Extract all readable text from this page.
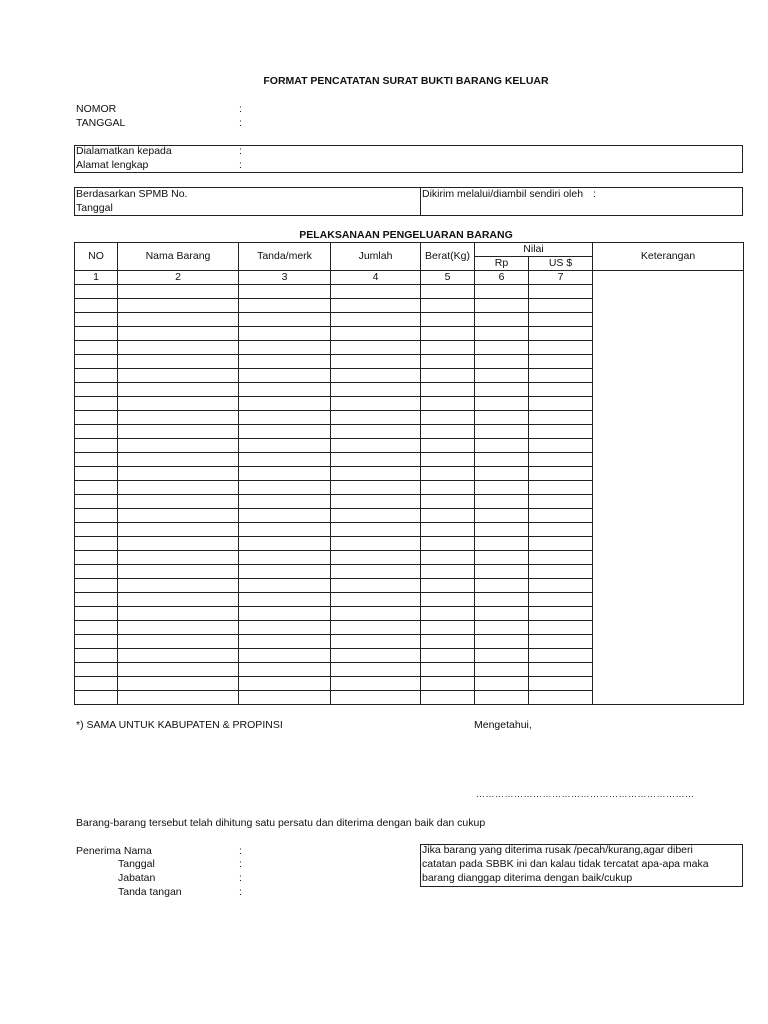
FORMAT PENCATATAN SURAT BUKTI BARANG KELUAR
NOMOR	:
TANGGAL	:
Dialamatkan kepada	:
Alamat lengkap	:
Berdasarkan SPMB No.
Tanggal
Dikirim melalui/diambil sendiri oleh :
PELAKSANAAN PENGELUARAN BARANG
NO	Nama Barang	Tanda/merk	Jumlah	Berat(Kg)	Nilai		Keterangan
					Rp	US $	
1	2	3	4	5	6	7	

*) SAMA UNTUK KABUPATEN & PROPINSI	Mengetahui,
……………………………………………………………
Barang-barang tersebut telah dihitung satu persatu dan diterima dengan baik dan cukup
Penerima Nama	:
Tanggal	:
Jabatan	:
Tanda tangan	:
Jika barang yang diterima rusak /pecah/kurang,agar diberi
catatan pada SBBK ini dan kalau tidak tercatat apa-apa maka
barang dianggap diterima dengan baik/cukup
